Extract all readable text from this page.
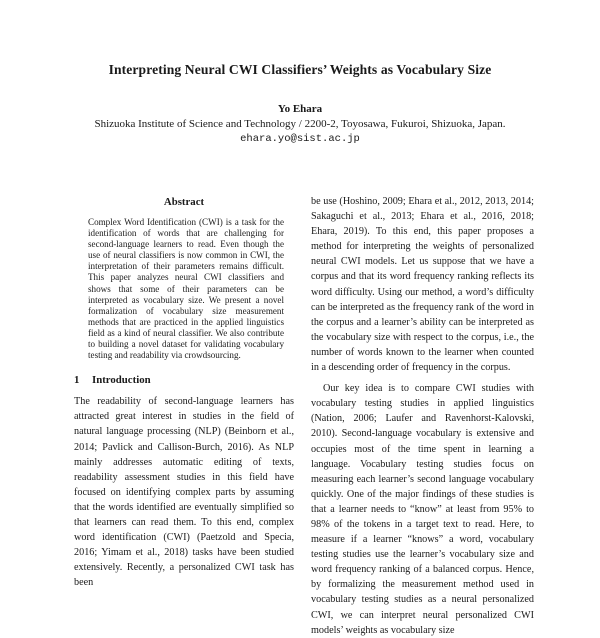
Interpreting Neural CWI Classifiers’ Weights as Vocabulary Size
Yo Ehara
Shizuoka Institute of Science and Technology / 2200-2, Toyosawa, Fukuroi, Shizuoka, Japan.
ehara.yo@sist.ac.jp
Abstract

Complex Word Identification (CWI) is a task for the identification of words that are challenging for second-language learners to read. Even though the use of neural classifiers is now common in CWI, the interpretation of their parameters remains difficult. This paper analyzes neural CWI classifiers and shows that some of their parameters can be interpreted as vocabulary size. We present a novel formalization of vocabulary size measurement methods that are practiced in the applied linguistics field as a kind of neural classifier. We also contribute to building a novel dataset for validating vocabulary testing and readability via crowdsourcing.

1 Introduction

The readability of second-language learners has attracted great interest in studies in the field of natural language processing (NLP) (Beinborn et al., 2014; Pavlick and Callison-Burch, 2016). As NLP mainly addresses automatic editing of texts, readability assessment studies in this field have focused on identifying complex parts by assuming that the words identified are eventually simplified so that learners can read them. To this end, complex word identification (CWI) (Paetzold and Specia, 2016; Yimam et al., 2018) tasks have been studied extensively. Recently, a personalized CWI task has been

be use (Hoshino, 2009; Ehara et al., 2012, 2013, 2014; Sakaguchi et al., 2013; Ehara et al., 2016, 2018; Ehara, 2019). To this end, this paper proposes a method for interpreting the weights of personalized neural CWI models. Let us suppose that we have a corpus and that its word frequency ranking reflects its word difficulty. Using our method, a word’s difficulty can be interpreted as the frequency rank of the word in the corpus and a learner’s ability can be interpreted as the vocabulary size with respect to the corpus, i.e., the number of words known to the learner when counted in a descending order of frequency in the corpus.

Our key idea is to compare CWI studies with vocabulary testing studies in applied linguistics (Nation, 2006; Laufer and Ravenhorst-Kalovski, 2010). Second-language vocabulary is extensive and occupies most of the time spent in learning a language. Vocabulary testing studies focus on measuring each learner’s second language vocabulary quickly. One of the major findings of these studies is that a learner needs to “know” at least from 95% to 98% of the tokens in a target text to read. Here, to measure if a learner “knows” a word, vocabulary testing studies use the learner’s vocabulary size and word frequency ranking of a balanced corpus. Hence, by formalizing the measurement method used in vocabulary testing studies as a neural personalized CWI, we can interpret neural personalized CWI models’ weights as vocabulary size
